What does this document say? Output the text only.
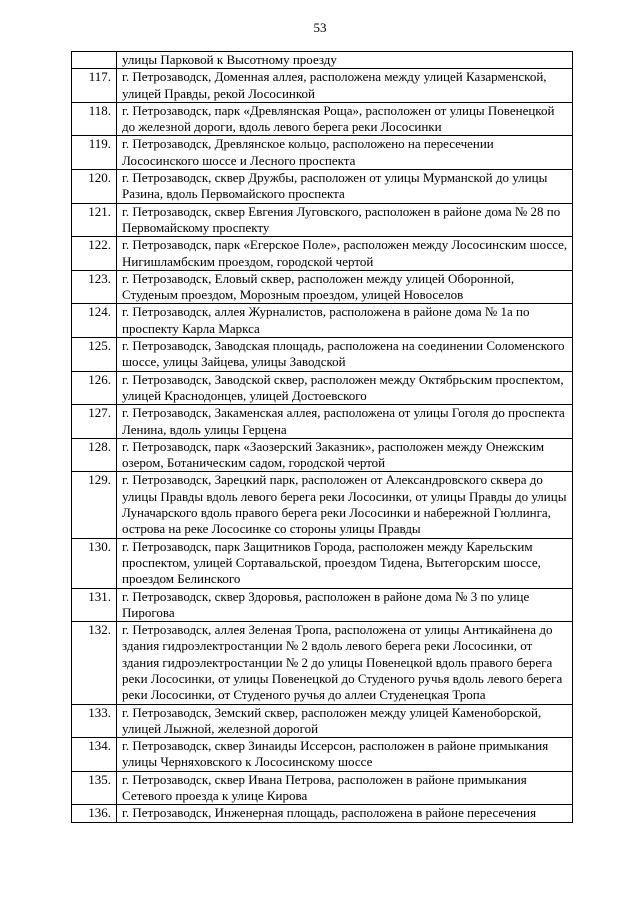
53
	улицы Парковой к Высотному проезду
117.	г. Петрозаводск, Доменная аллея, расположена между улицей Казарменской, улицей Правды, рекой Лососинкой
118.	г. Петрозаводск, парк «Древлянская Роща», расположен от улицы Повенецкой до железной дороги, вдоль левого берега реки Лососинки
119.	г. Петрозаводск, Древлянское кольцо, расположено на пересечении Лососинского шоссе и Лесного проспекта
120.	г. Петрозаводск, сквер Дружбы, расположен от улицы Мурманской до улицы Разина, вдоль Первомайского проспекта
121.	г. Петрозаводск, сквер Евгения Луговского, расположен в районе дома № 28 по Первомайскому проспекту
122.	г. Петрозаводск, парк «Егерское Поле», расположен между Лососинским шоссе, Нигишламбским проездом, городской чертой
123.	г. Петрозаводск, Еловый сквер, расположен между улицей Оборонной, Студеным проездом, Морозным проездом, улицей Новоселов
124.	г. Петрозаводск, аллея Журналистов, расположена в районе дома № 1а по проспекту Карла Маркса
125.	г. Петрозаводск, Заводская площадь, расположена на соединении Соломенского шоссе, улицы Зайцева, улицы Заводской
126.	г. Петрозаводск, Заводской сквер, расположен между Октябрьским проспектом, улицей Краснодонцев, улицей Достоевского
127.	г. Петрозаводск, Закаменская аллея, расположена от улицы Гоголя до проспекта Ленина, вдоль улицы Герцена
128.	г. Петрозаводск, парк «Заозерский Заказник», расположен между Онежским озером, Ботаническим садом, городской чертой
129.	г. Петрозаводск, Зарецкий парк, расположен от Александровского сквера до улицы Правды вдоль левого берега реки Лососинки, от улицы Правды до улицы Луначарского вдоль правого берега реки Лососинки и набережной Гюллинга, острова на реке Лососинке со стороны улицы Правды
130.	г. Петрозаводск, парк Защитников Города, расположен между Карельским проспектом, улицей Сортавальской, проездом Тидена, Вытегорским шоссе, проездом Белинского
131.	г. Петрозаводск, сквер Здоровья, расположен в районе дома № 3 по улице Пирогова
132.	г. Петрозаводск, аллея Зеленая Тропа, расположена от улицы Антикайнена до здания гидроэлектростанции № 2 вдоль левого берега реки Лососинки, от здания гидроэлектростанции № 2 до улицы Повенецкой вдоль правого берега реки Лососинки, от улицы Повенецкой до Студеного ручья вдоль левого берега реки Лососинки, от Студеного ручья до аллеи Студенецкая Тропа
133.	г. Петрозаводск, Земский сквер, расположен между улицей Каменоборской, улицей Лыжной, железной дорогой
134.	г. Петрозаводск, сквер Зинаиды Иссерсон, расположен в районе примыкания улицы Черняховского к Лососинскому шоссе
135.	г. Петрозаводск, сквер Ивана Петрова, расположен в районе примыкания Сетевого проезда к улице Кирова
136.	г. Петрозаводск, Инженерная площадь, расположена в районе пересечения
